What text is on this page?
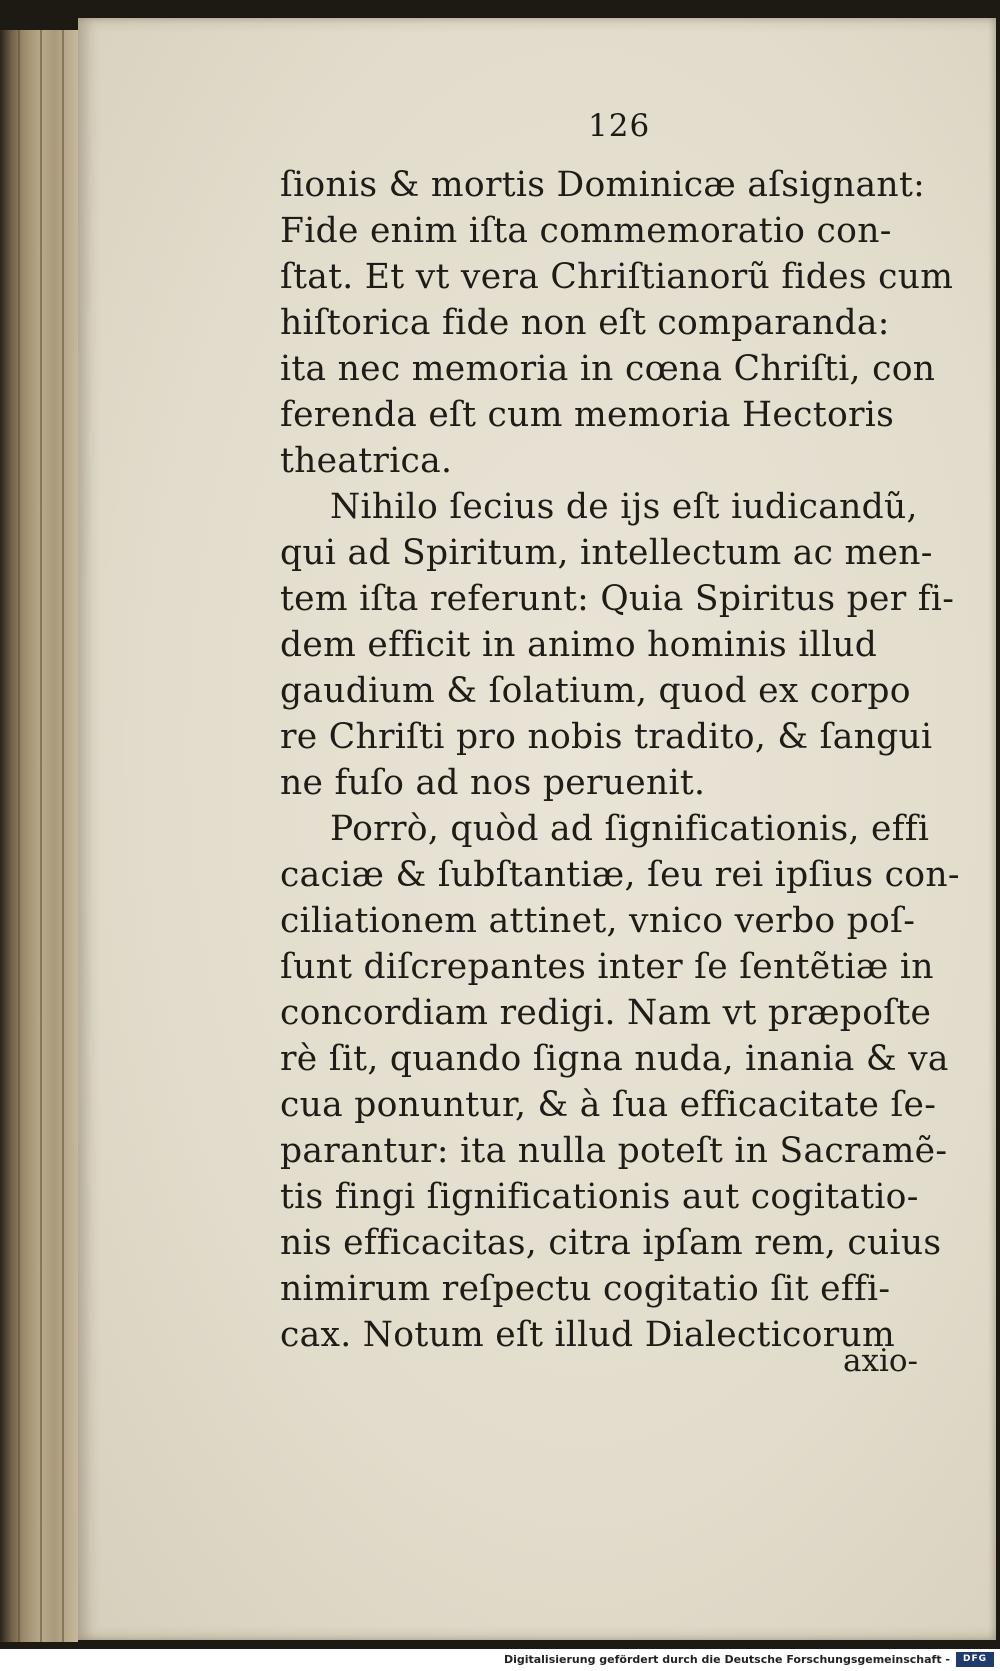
126
ſionis & mortis Dominicæ aſsignant:
Fide enim iſta commemoratio con-
ſtat. Et vt vera Chriſtianorũ fides cum
hiſtorica fide non eſt comparanda:
ita nec memoria in cœna Chriſti, con
ferenda eſt cum memoria Hectoris
theatrica.
Nihilo ſecius de ijs eſt iudicandũ,
qui ad Spiritum, intellectum ac men-
tem iſta referunt: Quia Spiritus per fi-
dem efficit in animo hominis illud
gaudium & ſolatium, quod ex corpo
re Chriſti pro nobis tradito, & ſangui
ne fuſo ad nos peruenit.
Porrò, quòd ad ſignificationis, effi
caciæ & ſubſtantiæ, ſeu rei ipſius con-
ciliationem attinet, vnico verbo poſ-
ſunt diſcrepantes inter ſe ſentẽtiæ in
concordiam redigi. Nam vt præpoſte
rè ſit, quando ſigna nuda, inania & va
cua ponuntur, & à ſua efficacitate ſe-
parantur: ita nulla poteſt in Sacramẽ-
tis fingi ſignificationis aut cogitatio-
nis efficacitas, citra ipſam rem, cuius
nimirum reſpectu cogitatio ſit effi-
cax. Notum eſt illud Dialecticorum
axio-
Digitalisierung gefördert durch die Deutsche Forschungsgemeinschaft -	DFG
